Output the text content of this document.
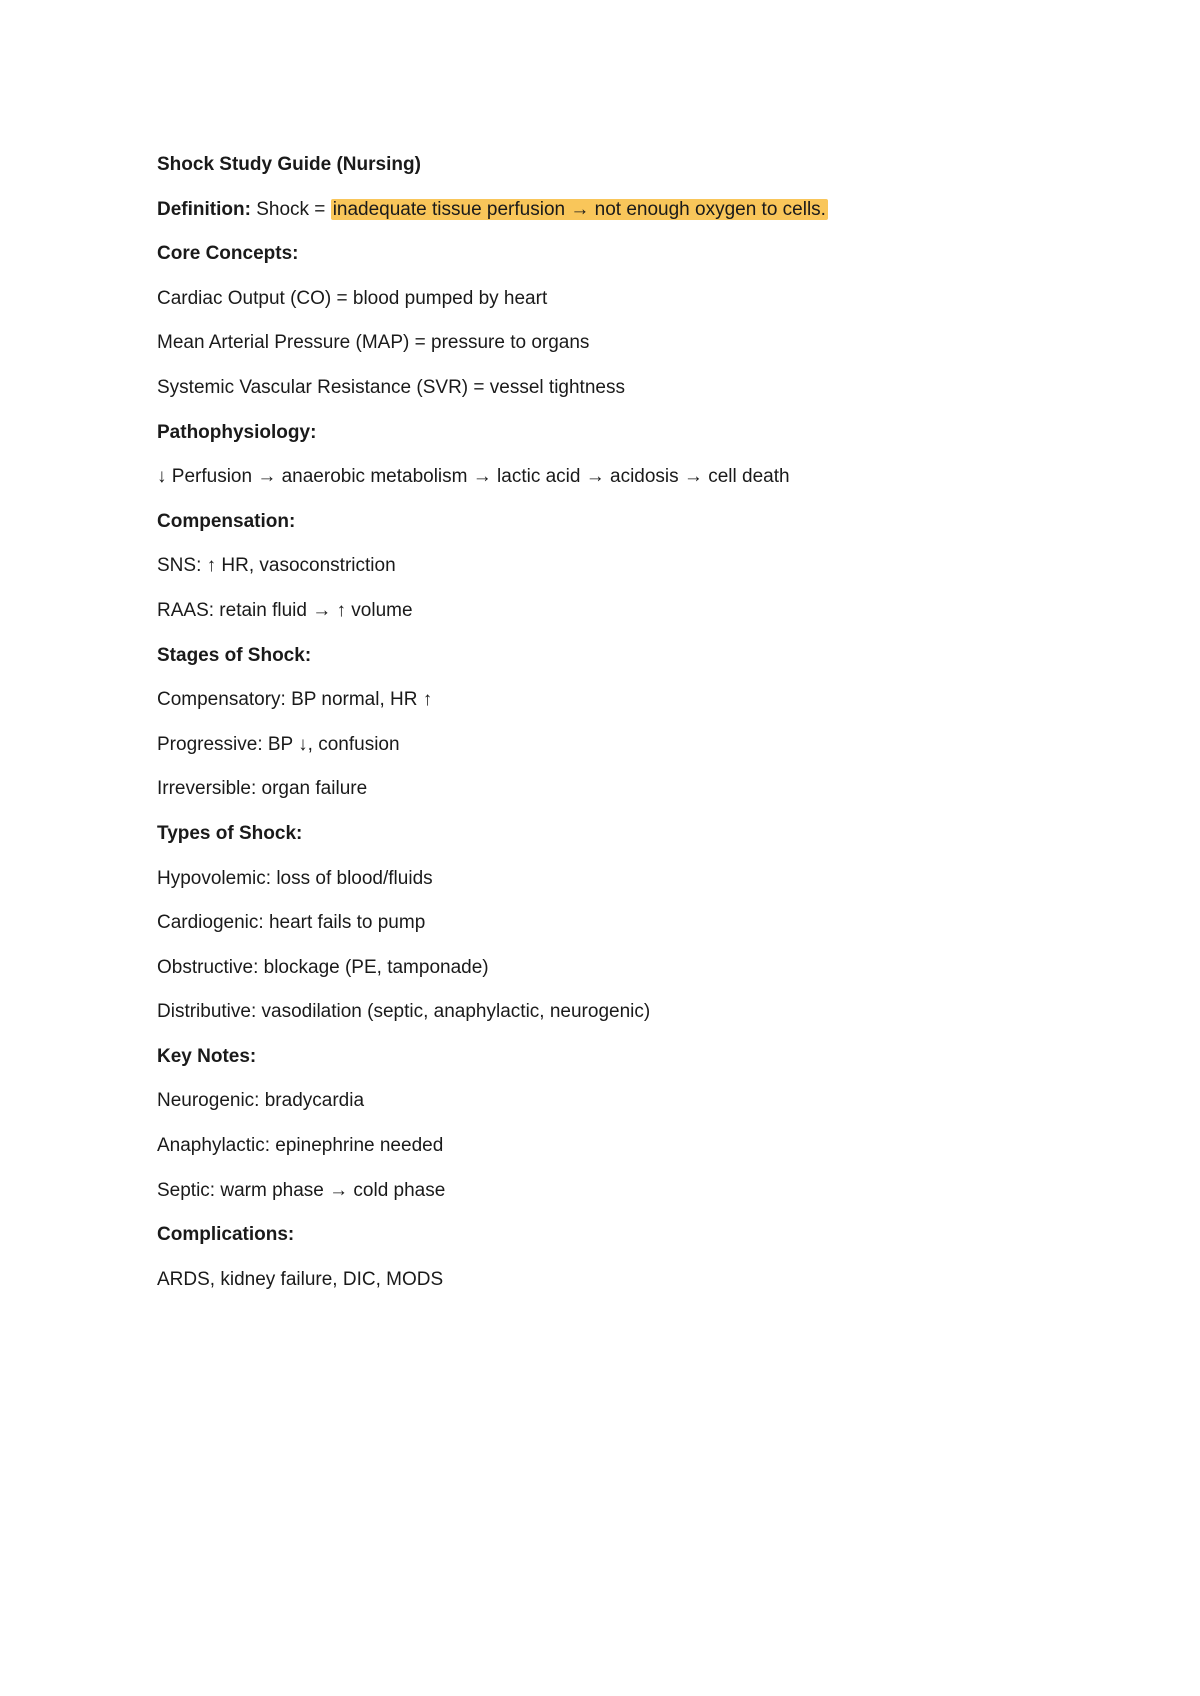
Shock Study Guide (Nursing)
Definition: Shock = inadequate tissue perfusion → not enough oxygen to cells.
Core Concepts:
Cardiac Output (CO) = blood pumped by heart
Mean Arterial Pressure (MAP) = pressure to organs
Systemic Vascular Resistance (SVR) = vessel tightness
Pathophysiology:
↓ Perfusion → anaerobic metabolism → lactic acid → acidosis → cell death
Compensation:
SNS: ↑ HR, vasoconstriction
RAAS: retain fluid → ↑ volume
Stages of Shock:
Compensatory: BP normal, HR ↑
Progressive: BP ↓, confusion
Irreversible: organ failure
Types of Shock:
Hypovolemic: loss of blood/fluids
Cardiogenic: heart fails to pump
Obstructive: blockage (PE, tamponade)
Distributive: vasodilation (septic, anaphylactic, neurogenic)
Key Notes:
Neurogenic: bradycardia
Anaphylactic: epinephrine needed
Septic: warm phase → cold phase
Complications:
ARDS, kidney failure, DIC, MODS
